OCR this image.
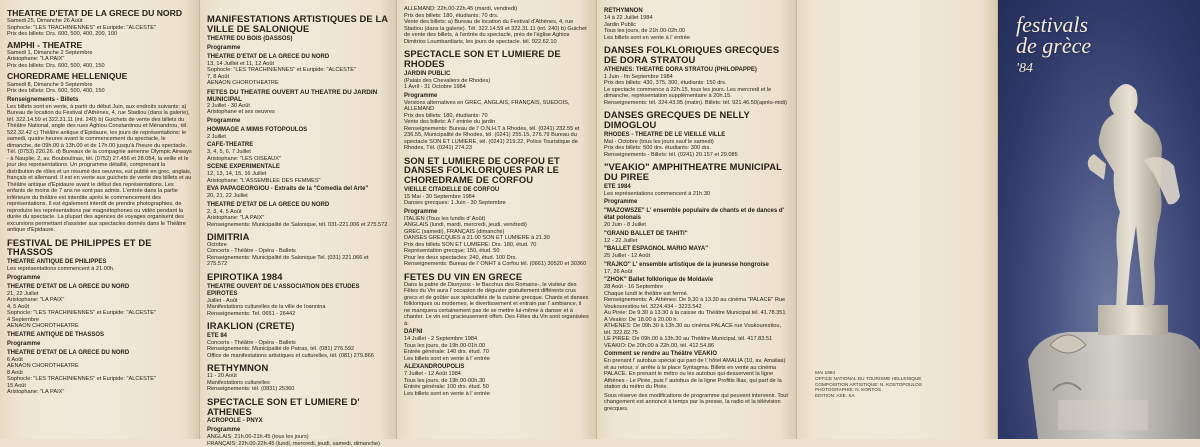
THEATRE D'ETAT DE LA GRECE DU NORD
Samedi 25, Dimanche 26 Août
Sophocle: "LES TRACHINIENNES" et Euripide: "ALCESTE"
Prix des billets: Drs. 600, 500, 400, 200, 100
AMPHI - THEATRE
Samedi 1, Dimanche 2 Septembre
Aristophane: "LA PAIX"
Prix des billets: Drs. 600, 500, 400, 150
CHOREDRAME HELLENIQUE
Samedi 8, Dimanche 9 Septembre
Prix des billets: Drs. 600, 500, 400, 150
Renseignements - Billets
Les billets sont en vente, à partir du début Juin, aux endroits suivants: a) Bureau de location du Festival d'Athènes, 4, rue Stadiou (dans la galerie), tél. 322.14.59 et 322.31.11 (int. 240) b) Guichets de vente des billets du Théâtre National, angle des rues Aghiou Constantinou et Ménandrou, tél. 522.32.42 c) Théâtre antique d'Epidaure, les jours de représentations: le samedi, quatre heures avant le commencement du spectacle, le dimanche, de 09h.00 à 13h.00 et de 17h.00 jusqu'à l'heure du spectacle. Tél. (0753) 220.26. d) Bureaux de la compagnie aérienne Olympic Airways - à Nauplie, 2, av. Bouboulinas, tél. (0752) 27.456 et 28.054, la veille et le jour des représentations. Un programme détaillé, comprenant la distribution de rôles et un résumé des oeuvres, est publié en grec, anglais, français et allemand. Il est en vente aux guichets de vente des billets et au Théâtre antique d'Epidaure avant le début des représentations. Les enfants de moins de 7 ans ne sont pas admis. L'entrée dans la partie inférieure du théâtre est interdite après le commencement des représentations. Il est également interdit de prendre photographies, de reproduire les représentations par magnétophones ou vidéo pendant la durée du spectacle. La plupart des agences de voyages organisent des excursions permettant d'assister aux spectacles donnés dans le Théâtre antique d'Epidaure.
FESTIVAL DE PHILIPPES ET DE THASSOS
THEATRE ANTIQUE DE PHILIPPES
Les représentations commencent à 21.00h.
Programme
THEATRE D'ETAT DE LA GRECE DU NORD
21, 22 Juillet
Aristophane: "LA PAIX"
4, 5 Août
Sophocle: "LES TRACHINIENNES" et Euripide: "ALCESTE"
4 Septembre
AENAON CHOROTHEATRE
THEATRE ANTIQUE DE THASSOS
Programme
THEATRE D'ETAT DE LA GRECE DU NORD
6 Août
AENAON CHOROTHEATRE
8 Août
Sophocle: "LES TRACHINIENNES" et Euripide: "ALCESTE"
15 Août
Aristophane: "LA PAIX"
MANIFESTATIONS ARTISTIQUES DE LA VILLE DE SALONIQUE
THEATRE DU BOIS (DASSOS)
Programme
THEATRE D'ETAT DE LA GRECE DU NORD
13, 14 Juillet et 11, 12 Août
Sophocle: "LES TRACHINIENNES" et Euripide: "ALCESTE"
7, 8 Août
AENAON CHOROTHEATRE
FETES DU THEATRE OUVERT AU THEATRE DU JARDIN MUNICIPAL
2 Juillet - 30 Août
Aristophane et ses oeuvres
Programme
HOMMAGE A MIMIS FOTOPOULOS
2 Juillet
CAFE-THEATRE
3, 4, 5, 6, 7 Juillet
Aristophane: "LES OISEAUX"
SCENE EXPERIMENTALE
12, 13, 14, 15, 16 Juillet
Aristophane: "L'ASSEMBLEE DES FEMMES"
EVA PAPAGEORGIOU - Extraits de la "Comedia del Arte"
20, 21, 22 Juillet
THEATRE D'ETAT DE LA GRECE DU NORD
2, 3, 4, 5 Août
Aristophane: "LA PAIX"
Renseignements: Municipalité de Salonique, tél. 031-221.006 et 275.572
DIMITRIA
Octobre
Concerts - Théâtre - Opéra - Ballets
Renseignements: Municipalité de Salonique Tel. (031) 221.066 et 275.572
EPIROTIKA 1984
THEATRE OUVERT DE L'ASSOCIATION DES ETUDES EPIROTES
Juillet - Août
Manifestations culturelles de la ville de Ioannina
Renseignements: Tel. 0651 - 26442
IRAKLION (CRETE)
ETE 84
Concerts - Théâtre - Opéra - Ballets
Renseignements: Municipalité de Patras, tél. (081) 276.592
Office de manifestations artistiques et culturelles, tél. (081) 279.866
RETHYMNON
11 - 20 Août
Manifestations culturelles
Renseignements: tél. (0831) 25360
SPECTACLE SON ET LUMIERE D' ATHENES
ACROPOLE - PNYX
Programme
ANGLAIS: 21h.00-21h.45 (tous les jours)
FRANÇAIS: 22h.00-22h.45 (lundi, mercredi, jeudi, samedi, dimanche)
ALLEMAND: 22h.00-22h.45 (mardi, vendredi)
Prix des billets: 180, étudiants: 70 drs.
Vente des billets: a) Bureau de location du Festival d'Athènes, 4, rue Stadiou (dans la galerie). Tél. 322.14.59 et 322.31.11 (int. 240) b) Guichet de vente des billets, à l'entrée du spectacle, près de l'église Aghios Dimitrios Loumbardiaris, les jours de spectacle. tél. 922.62.10
SPECTACLE SON ET LUMIERE DE RHODES
JARDIN PUBLIC
(Palais des Chevaliers de Rhodes)
1 Avril - 31 Octobre 1984
Programme
Versions alternatives en GREC, ANGLAIS, FRANÇAIS, SUEDOIS, ALLEMAND
Prix des billets: 180, étudiants: 70
Vente des billets: A l' entrée du jardin
Renseignements: Bureau de l' O.N.H.T à Rhodes, tél. (0241) 232.55 et 236.55, Municipalité de Rhodes, tél. (0241) 255.15, 276.79 Bureau du spectacle SON ET LUMIERE, tél. (0241) 219.22, Police Touristique de Rhodes, Tél. (0241) 274.23
SON ET LUMIERE DE CORFOU ET DANSES FOLKLORIQUES PAR LE CHOREDRAME DE CORFOU
VIEILLE CITADELLE DE CORFOU
15 Mai - 30 Septembre 1984
Danses grecques: 1 Juin - 30 Septembre
Programme
ITALIEN (Tous les lundis d' Août)
ANGLAIS (lundi, mardi, mercredi, jeudi, vendredi)
GREC (samedi), FRANÇAIS (dimanche)
DANSES GRECQUES à 21.00 SON ET LUMIERE à 21.30
Prix des billets SON ET LUMIERE: Drs. 180, étud. 70
Représentation grecque: 150, étud. 50
Pour les deux spectacles: 240, étud. 100 Drs.
Renseignements: Bureau de l' ONHT à Corfou tél. (0661) 30520 et 30360
FETES DU VIN EN GRECE
Dans la patrie de Dionysos - le Bacchus des Romains-, le visiteur des Fêtes du Vin aura l' occasion de déguster gratuitement différents crus grecs et de goûter aux spécialités de la cuisine grecque. Chants et danses folkloriques ou modernes, le divertissement et entrain par l' ambiance, il ne manquera certainement pas de se mettre lui-même à danser et à chanter. Le vin est gracieusement offert. Des Fêtes du Vin sont organisées à:
DAFNI
14 Juillet - 2 Septembre 1984
Tous les jours, de 19h.00-01h.00
Entrée générale: 140 drs. étud. 70
Les billets sont en vente à l' entrée
ALEXANDROUPOLIS
7 Juillet - 12 Août 1984
Tous les jours, de 19h.00-00h.30
Entrée générale: 100 drs. étud. 50
Les billets sont en vente à l' entrée
RETHYMNON
14 à 22 Juillet 1984
Jardin Public
Tous les jours, de 21h.00-02h.00
Les billets sont en vente à l' entrée
DANSES FOLKLORIQUES GRECQUES DE DORA STRATOU
ATHENES: THEATRE DORA STRATOU (PHILOPAPPE)
1 Juin - fin Septembre 1984
Prix des billets: 430, 375, 300, étudiants: 150 drs.
Le spectacle commence à 22h.15, tous les jours. Les mercredi et le dimanche, représentation supplémentaire à 20h.15.
Renseignements: tél. 324.43.95 (matin). Billets: tél. 921.46.50(après-midi)
DANSES GRECQUES DE NELLY DIMOGLOU
RHODES - THEATRE DE LE VIEILLE VILLE
Mai - Octobre (tous les jours sauf le samedi)
Prix des billets: 500 drs. étudiants: 300 drs.
Renseignements - Billets: tél. (0241) 20.157 et 29.085
"VEAKIO" AMPHITHEATRE MUNICIPAL DU PIREE
ETE 1984
Les représentations commencent à 21h.30
Programme
"MAZOWSZE" L' ensemble populaire de chants et de dances d' état polonais
20 Juin - 8 Juillet
"GRAND BALLET DE TAHITI"
12 - 22 Juillet
"BALLET ESPAGNOL MARIO MAYA"
25 Juillet - 12 Août
"RAJKO" L' ensemble artistique de la jeunesse hongroise
17, 26 Août
"ZHOK" Ballet folklorique de Moldavie
28 Août - 16 Septembre
Chaque lundi le théâtre est fermé.
Renseignements: A. Athènes: De 9.30 à 13.30 au cinéma "PALACE" Rue Voukourestiou tel. 3224.434 - 3223.542
Au Pirée: De 9.30 à 13.30 à la caisse du Théâtre Municipal tél. 41.78.351
A Veakio: De 18.00 à 20.00 h.
ATHENES: De 09h.30 à 13h.30 au cinéma PALACE rue Voukourestiou, tél. 322.82.75
LE PIREE: De 09h.00 à 13h.30 au Théâtre Municipal, tél. 417.83.51
VEAKIO: De 20h.00 à 22h.00, tél. 412.54.86
Comment se rendre au Théâtre VEAKIO
En prenant l' autobus spécial qui part de l' hôtel AMALIA (10, av. Amalias) et au retour, s' arrête à la place Syntagma. Billets en vente au cinéma PALACE. En prenant le métro ou les autobus qui desservent la ligne Athènes - Le Pirée, puis l' autobus de la ligne Profitis Ilias, qui part de la station du métro du Pirée.
Sous réserve des modifications de programme qui peuvent intervenir. Tout changement est annoncé à temps par la presse, la radio et la télévision grecques.
MAI 1984
OFFICE NATIONAL DU TOURISME HELLENIQUE
COMPOSITION ARTISTIQUE: N. KOSTOPOULOS
PHOTOGRAPHIE: N. KONTOS
EDITION: ASE. SA
festivals
de grèce
'84
